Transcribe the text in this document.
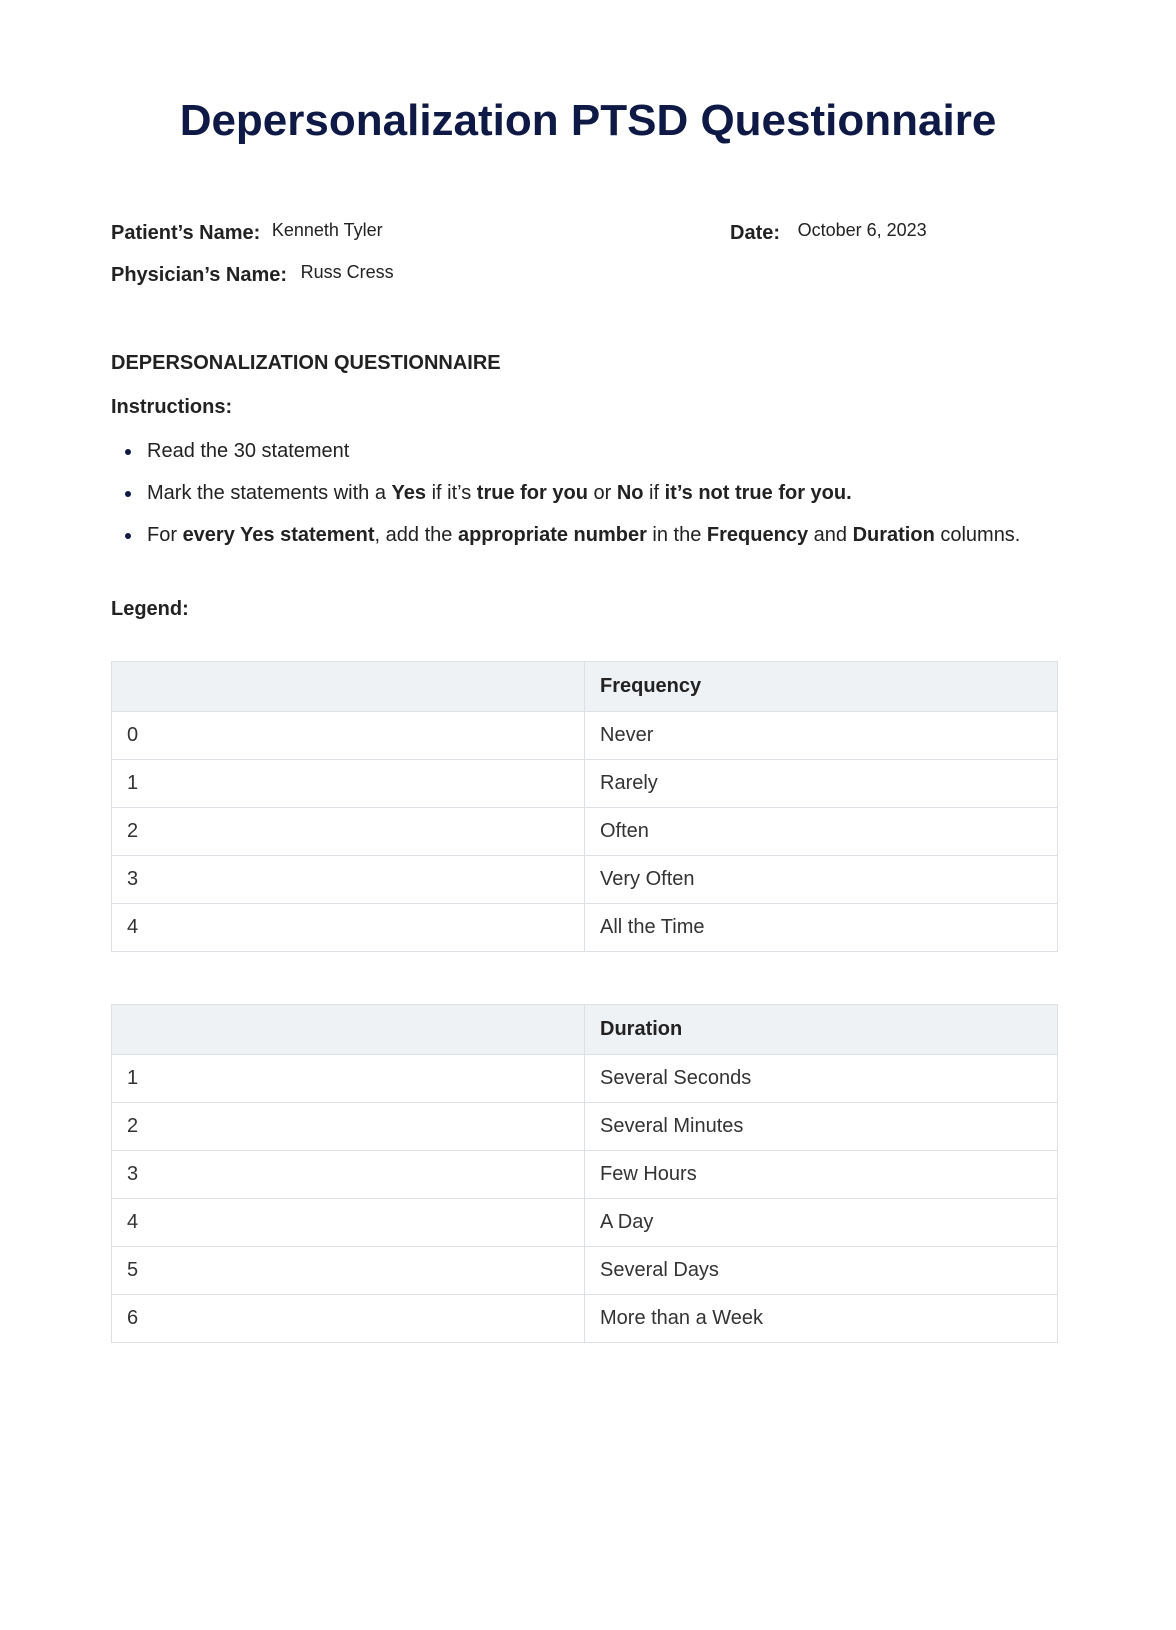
Depersonalization PTSD Questionnaire
Patient’s Name: Kenneth Tyler	Date: October 6, 2023
Physician’s Name: Russ Cress
DEPERSONALIZATION QUESTIONNAIRE
Instructions:
Read the 30 statement
Mark the statements with a Yes if it’s true for you or No if it’s not true for you.
For every Yes statement, add the appropriate number in the Frequency and Duration columns.
Legend:
	Frequency
0	Never
1	Rarely
2	Often
3	Very Often
4	All the Time
	Duration
1	Several Seconds
2	Several Minutes
3	Few Hours
4	A Day
5	Several Days
6	More than a Week
